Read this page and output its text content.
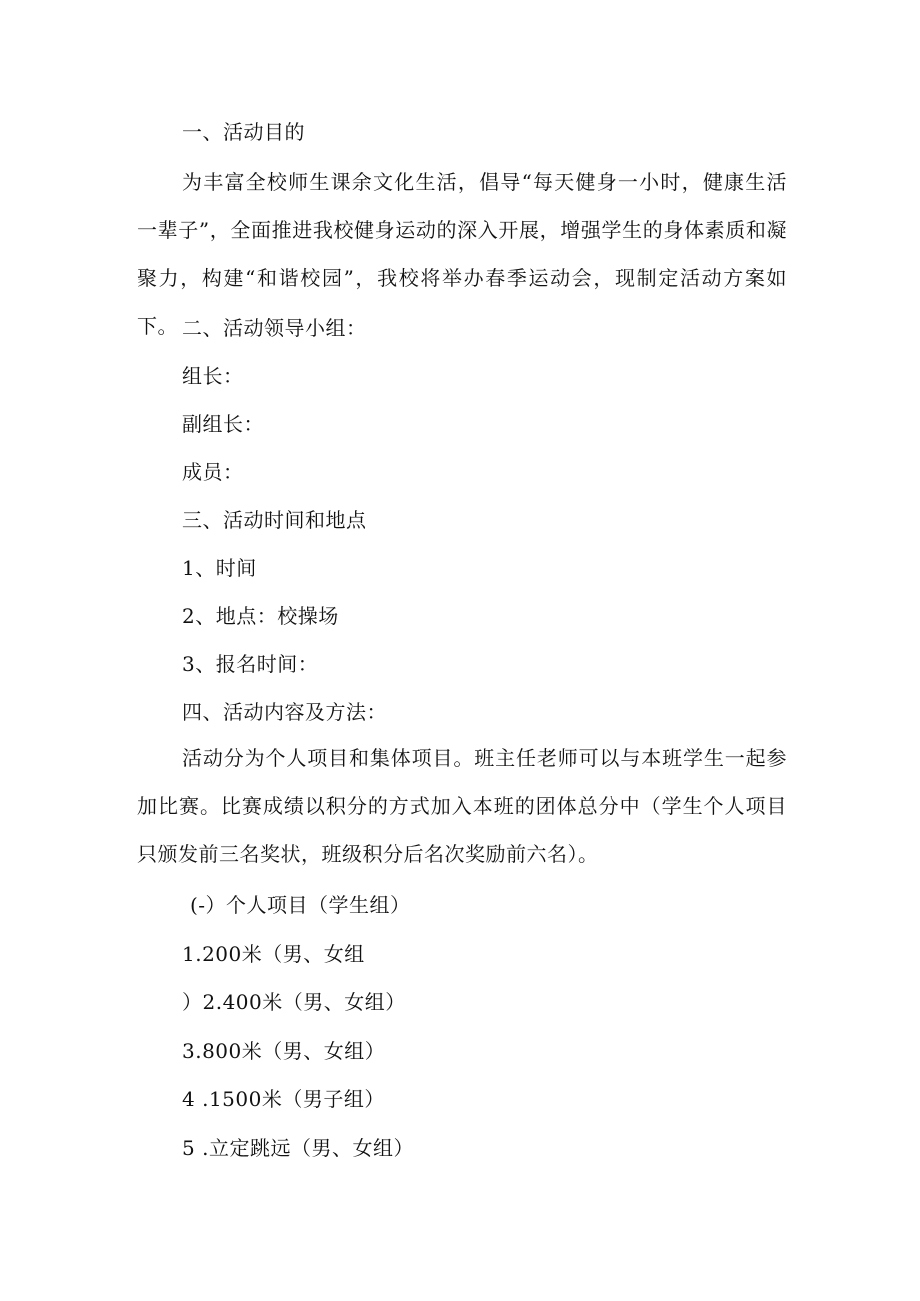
一、活动目的
为丰富全校师生课余文化生活，倡导“每天健身一小时，健康生活一辈子”，全面推进我校健身运动的深入开展，增强学生的身体素质和凝聚力，构建“和谐校园”，我校将举办春季运动会，现制定活动方案如下。 二、活动领导小组：
组长：
副组长：
成员：
三、活动时间和地点
1、时间
2、地点：校操场
3、报名时间：
四、活动内容及方法：
活动分为个人项目和集体项目。班主任老师可以与本班学生一起参加比赛。比赛成绩以积分的方式加入本班的团体总分中（学生个人项目只颁发前三名奖状，班级积分后名次奖励前六名）。
(-）个人项目（学生组）
1.200米（男、女组
）2.400米（男、女组）
3.800米（男、女组）
4 .1500米（男子组）
5 .立定跳远（男、女组）
